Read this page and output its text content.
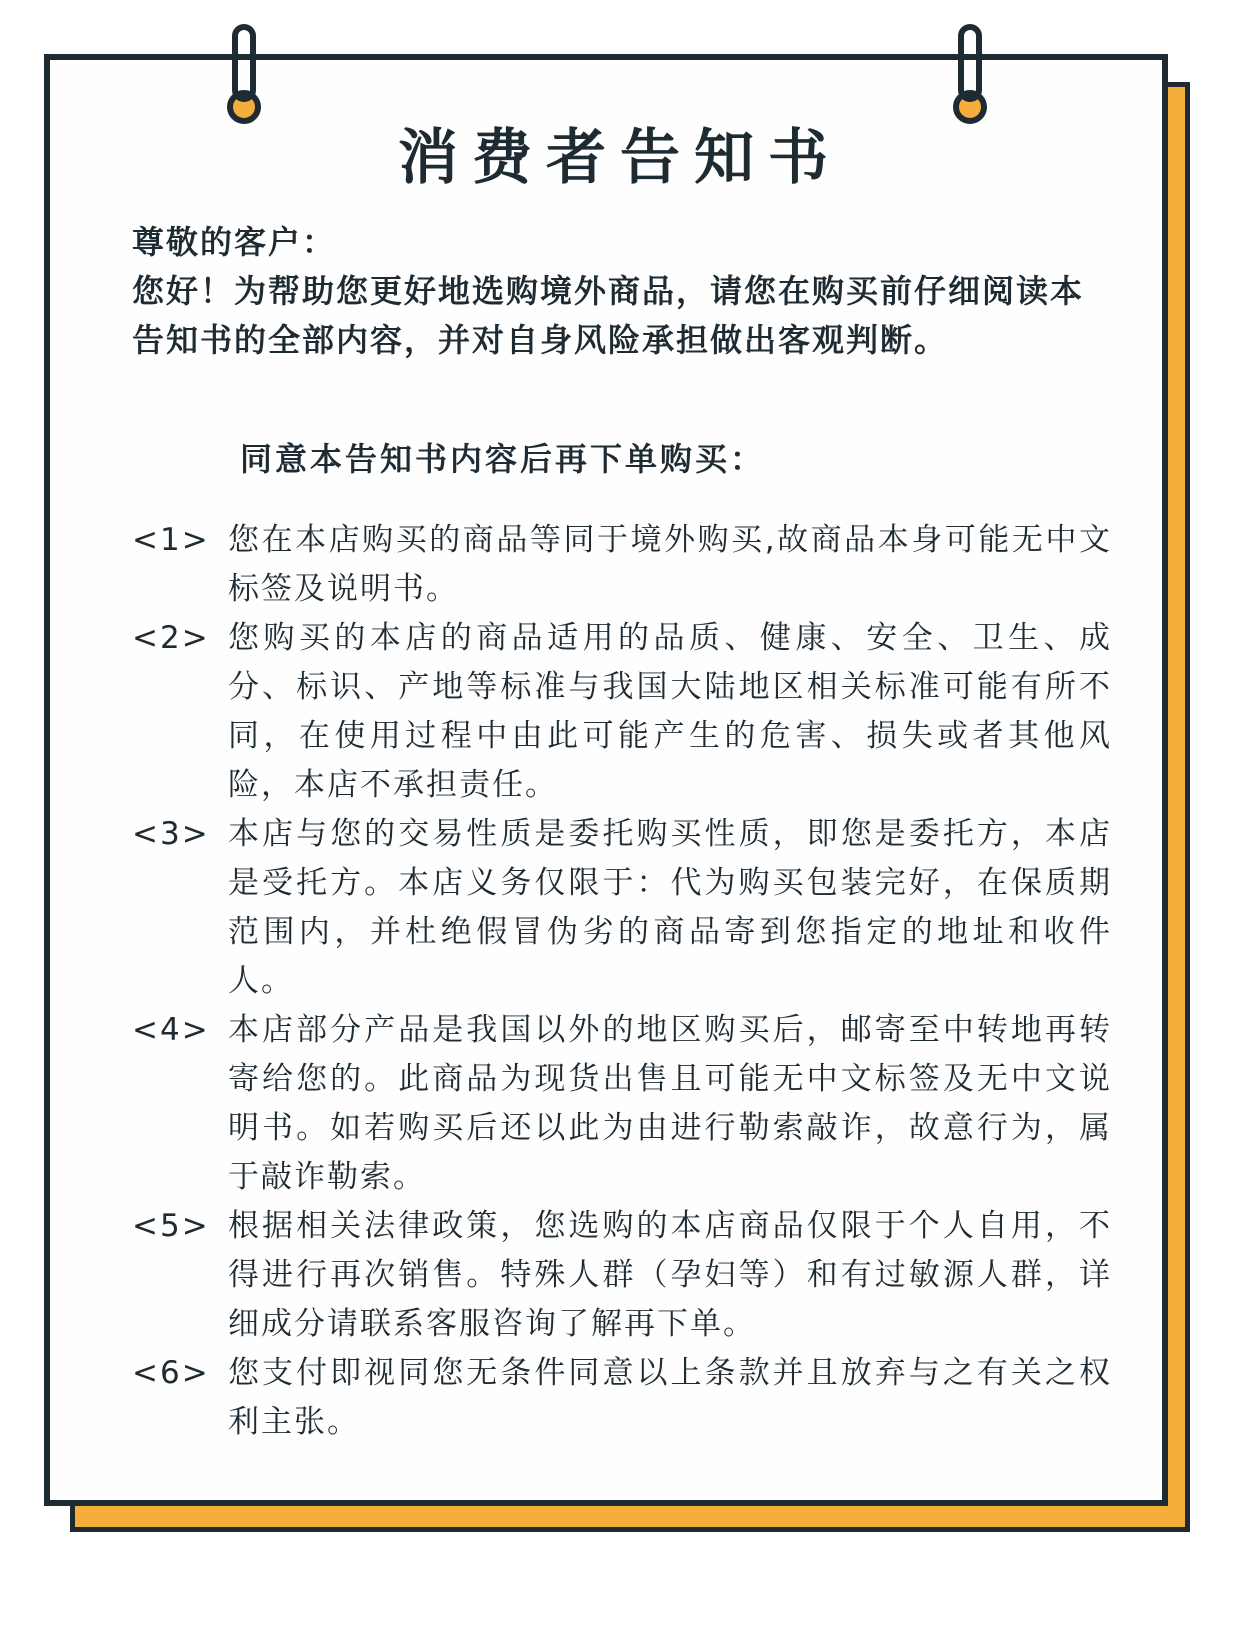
消费者告知书

尊敬的客户：

您好！为帮助您更好地选购境外商品，请您在购买前仔细阅读本告知书的全部内容，并对自身风险承担做出客观判断。

同意本告知书内容后再下单购买：
<1> 您在本店购买的商品等同于境外购买,故商品本身可能无中文标签及说明书。
<2> 您购买的本店的商品适用的品质、健康、安全、卫生、成分、标识、产地等标准与我国大陆地区相关标准可能有所不同，在使用过程中由此可能产生的危害、损失或者其他风险，本店不承担责任。
<3> 本店与您的交易性质是委托购买性质，即您是委托方，本店是受托方。本店义务仅限于：代为购买包装完好，在保质期范围内，并杜绝假冒伪劣的商品寄到您指定的地址和收件人。
<4> 本店部分产品是我国以外的地区购买后，邮寄至中转地再转寄给您的。此商品为现货出售且可能无中文标签及无中文说明书。如若购买后还以此为由进行勒索敲诈，故意行为，属于敲诈勒索。
<5> 根据相关法律政策，您选购的本店商品仅限于个人自用，不得进行再次销售。特殊人群（孕妇等）和有过敏源人群，详细成分请联系客服咨询了解再下单。
<6> 您支付即视同您无条件同意以上条款并且放弃与之有关之权利主张。
